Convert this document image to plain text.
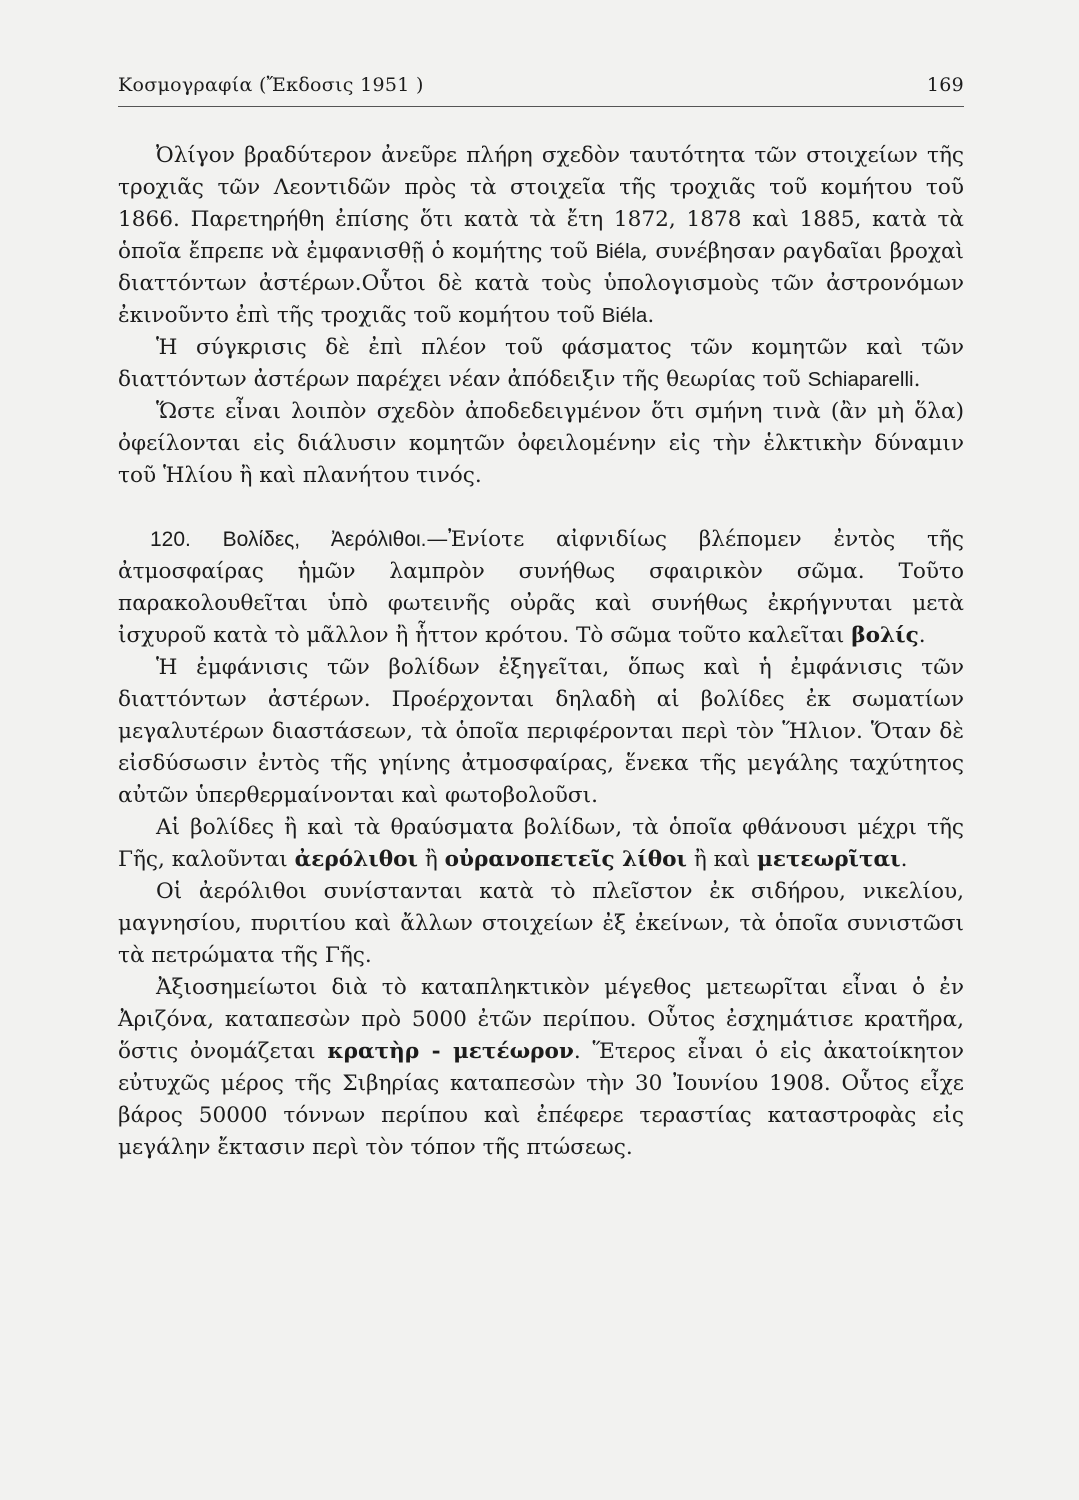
Κοσμογραφία (Ἔκδοσις 1951 )	169

Ὀλίγον βραδύτερον ἀνεῦρε πλήρη σχεδὸν ταυτότητα τῶν στοιχείων τῆς τροχιᾶς τῶν Λεοντιδῶν πρὸς τὰ στοιχεῖα τῆς τροχιᾶς τοῦ κομήτου τοῦ 1866. Παρετηρήθη ἐπίσης ὅτι κατὰ τὰ ἔτη 1872, 1878 καὶ 1885, κατὰ τὰ ὁποῖα ἔπρεπε νὰ ἐμφανισθῇ ὁ κομήτης τοῦ Biéla, συνέβησαν ραγδαῖαι βροχαὶ διαττόντων ἀστέρων.Οὗτοι δὲ κατὰ τοὺς ὑπολογισμοὺς τῶν ἀστρονόμων ἐκινοῦντο ἐπὶ τῆς τροχιᾶς τοῦ κομήτου τοῦ Biéla.

Ἡ σύγκρισις δὲ ἐπὶ πλέον τοῦ φάσματος τῶν κομητῶν καὶ τῶν διαττόντων ἀστέρων παρέχει νέαν ἀπόδειξιν τῆς θεωρίας τοῦ Schiaparelli.

Ὥστε εἶναι λοιπὸν σχεδὸν ἀποδεδειγμένον ὅτι σμήνη τινὰ (ἂν μὴ ὅλα) ὀφείλονται εἰς διάλυσιν κομητῶν ὀφειλομένην εἰς τὴν ἑλκτικὴν δύναμιν τοῦ Ἡλίου ἢ καὶ πλανήτου τινός.

120. Βολίδες, Ἀερόλιθοι.—Ἐνίοτε αἰφνιδίως βλέπομεν ἐντὸς τῆς ἀτμοσφαίρας ἡμῶν λαμπρὸν συνήθως σφαιρικὸν σῶμα. Τοῦτο παρακολουθεῖται ὑπὸ φωτεινῆς οὐρᾶς καὶ συνήθως ἐκρήγνυται μετὰ ἰσχυροῦ κατὰ τὸ μᾶλλον ἢ ἧττον κρότου. Τὸ σῶμα τοῦτο καλεῖται βολίς.

Ἡ ἐμφάνισις τῶν βολίδων ἐξηγεῖται, ὅπως καὶ ἡ ἐμφάνισις τῶν διαττόντων ἀστέρων. Προέρχονται δηλαδὴ αἱ βολίδες ἐκ σωματίων μεγαλυτέρων διαστάσεων, τὰ ὁποῖα περιφέρονται περὶ τὸν Ἥλιον. Ὅταν δὲ εἰσδύσωσιν ἐντὸς τῆς γηίνης ἀτμοσφαίρας, ἕνεκα τῆς μεγάλης ταχύτητος αὐτῶν ὑπερθερμαίνονται καὶ φωτοβολοῦσι.

Αἱ βολίδες ἢ καὶ τὰ θραύσματα βολίδων, τὰ ὁποῖα φθάνουσι μέχρι τῆς Γῆς, καλοῦνται ἀερόλιθοι ἢ οὐρανοπετεῖς λίθοι ἢ καὶ μετεωρῖται.

Οἱ ἀερόλιθοι συνίστανται κατὰ τὸ πλεῖστον ἐκ σιδήρου, νικελίου, μαγνησίου, πυριτίου καὶ ἄλλων στοιχείων ἐξ ἐκείνων, τὰ ὁποῖα συνιστῶσι τὰ πετρώματα τῆς Γῆς.

Ἀξιοσημείωτοι διὰ τὸ καταπληκτικὸν μέγεθος μετεωρῖται εἶναι ὁ ἐν Ἀριζόνα, καταπεσὼν πρὸ 5000 ἐτῶν περίπου. Οὗτος ἐσχημάτισε κρατῆρα, ὅστις ὀνομάζεται κρατὴρ - μετέωρον. Ἕτερος εἶναι ὁ εἰς ἀκατοίκητον εὐτυχῶς μέρος τῆς Σιβηρίας καταπεσὼν τὴν 30 Ἰουνίου 1908. Οὗτος εἶχε βάρος 50000 τόννων περίπου καὶ ἐπέφερε τεραστίας καταστροφὰς εἰς μεγάλην ἔκτασιν περὶ τὸν τόπον τῆς πτώσεως.
